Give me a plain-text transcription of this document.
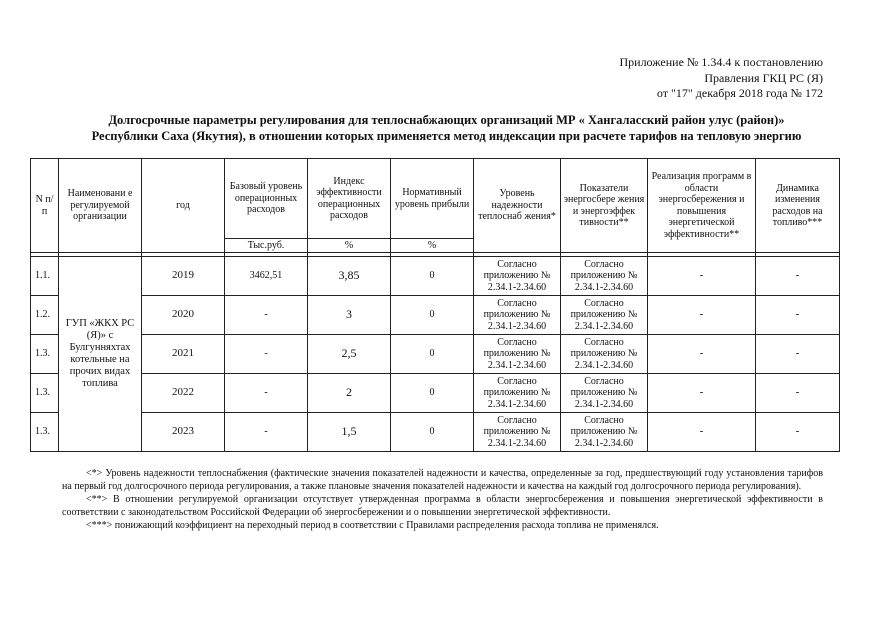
Приложение № 1.34.4 к постановлению
Правления ГКЦ РС (Я)
от "17" декабря 2018 года № 172
Долгосрочные параметры регулирования для теплоснабжающих организаций МР « Хангаласский район улус (район)» Республики Саха (Якутия), в отношении которых применяется метод индексации при расчете тарифов на тепловую энергию
N п/п	Наименовани е регулируемой организации	год	Базовый уровень операционных расходов	Индекс эффективности операционных расходов	Нормативный уровень прибыли	Уровень надежности теплоснаб жения*	Показатели энергосбере жения и энергоэффек тивности**	Реализация программ в области энергосбережения и повышения энергетической эффективности**	Динамика изменения расходов на топливо***
			Тыс.руб.	%	%				

1.1.	ГУП «ЖКХ РС (Я)» с Булгунняхтах котельные на прочих видах топлива	2019	3462,51	3,85	0	Согласно приложению № 2.34.1-2.34.60	Согласно приложению № 2.34.1-2.34.60	-	-
1.2.		2020	-	3	0	Согласно приложению № 2.34.1-2.34.60	Согласно приложению № 2.34.1-2.34.60	-	-
1.3.		2021	-	2,5	0	Согласно приложению № 2.34.1-2.34.60	Согласно приложению № 2.34.1-2.34.60	-	-
1.3.		2022	-	2	0	Согласно приложению № 2.34.1-2.34.60	Согласно приложению № 2.34.1-2.34.60	-	-
1.3.		2023	-	1,5	0	Согласно приложению № 2.34.1-2.34.60	Согласно приложению № 2.34.1-2.34.60	-	-

<*> Уровень надежности теплоснабжения (фактические значения показателей надежности и качества, определенные за год, предшествующий году установления тарифов на первый год долгосрочного периода регулирования, а также плановые значения показателей надежности и качества на каждый год долгосрочного периода регулирования).

<**> В отношении регулируемой организации отсутствует утвержденная программа в области энергосбережения и повышения энергетической эффективности в соответствии с законодательством Российской Федерации об энергосбережении и о повышении энергетической эффективности.

<***> понижающий коэффициент на переходный период в соответствии с Правилами распределения расхода топлива не применялся.
